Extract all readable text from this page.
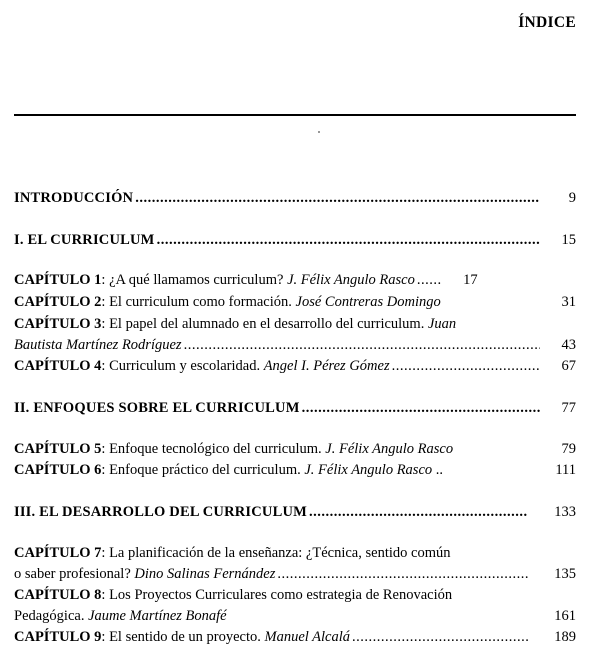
ÍNDICE
INTRODUCCIÓN .....	9
I. EL CURRICULUM .....	15
CAPÍTULO 1: ¿A qué llamamos curriculum? J. Félix Angulo Rasco ......	17
CAPÍTULO 2: El curriculum como formación. José Contreras Domingo	31
CAPÍTULO 3: El papel del alumnado en el desarrollo del curriculum. Juan
Bautista Martínez Rodríguez .....	43
CAPÍTULO 4: Curriculum y escolaridad. Angel I. Pérez Gómez .....	67
II. ENFOQUES SOBRE EL CURRICULUM .....	77
CAPÍTULO 5: Enfoque tecnológico del curriculum. J. Félix Angulo Rasco	79
CAPÍTULO 6: Enfoque práctico del curriculum. J. Félix Angulo Rasco ..	111
III. EL DESARROLLO DEL CURRICULUM .....	133
CAPÍTULO 7: La planificación de la enseñanza: ¿Técnica, sentido común
o saber profesional? Dino Salinas Fernández .....	135
CAPÍTULO 8: Los Proyectos Curriculares como estrategia de Renovación
Pedagógica. Jaume Martínez Bonafé	161
CAPÍTULO 9: El sentido de un proyecto. Manuel Alcalá .....	189
